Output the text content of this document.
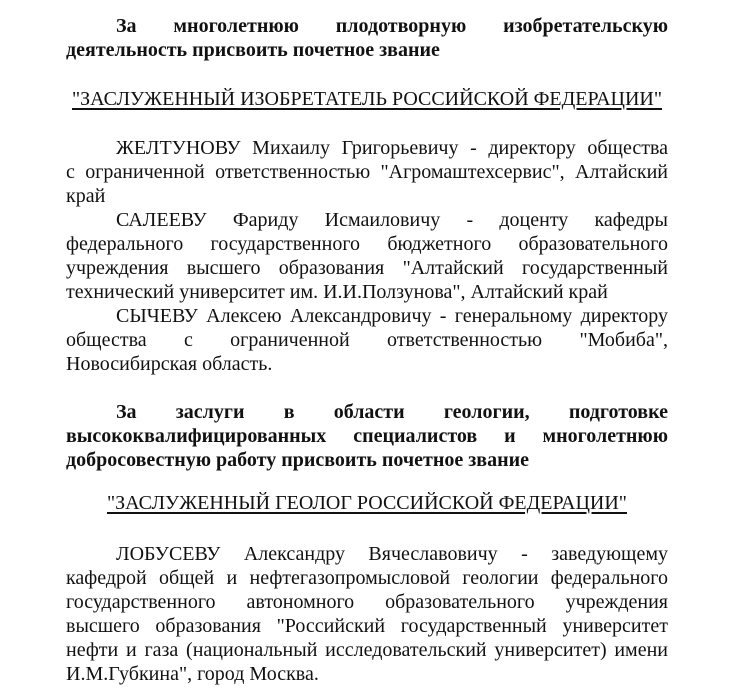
За многолетнюю плодотворную изобретательскую
деятельность присвоить почетное звание
"ЗАСЛУЖЕННЫЙ ИЗОБРЕТАТЕЛЬ РОССИЙСКОЙ ФЕДЕРАЦИИ"
ЖЕЛТУНОВУ Михаилу Григорьевичу - директору общества
с ограниченной ответственностью "Агромаштехсервис", Алтайский
край
САЛЕЕВУ Фариду Исмаиловичу - доценту кафедры
федерального государственного бюджетного образовательного
учреждения высшего образования "Алтайский государственный
технический университет им. И.И.Ползунова", Алтайский край
СЫЧЕВУ Алексею Александровичу - генеральному директору
общества с ограниченной ответственностью "Мобиба",
Новосибирская область.
За заслуги в области геологии, подготовке
высококвалифицированных специалистов и многолетнюю
добросовестную работу присвоить почетное звание
"ЗАСЛУЖЕННЫЙ ГЕОЛОГ РОССИЙСКОЙ ФЕДЕРАЦИИ"
ЛОБУСЕВУ Александру Вячеславовичу - заведующему
кафедрой общей и нефтегазопромысловой геологии федерального
государственного автономного образовательного учреждения
высшего образования "Российский государственный университет
нефти и газа (национальный исследовательский университет) имени
И.М.Губкина", город Москва.
